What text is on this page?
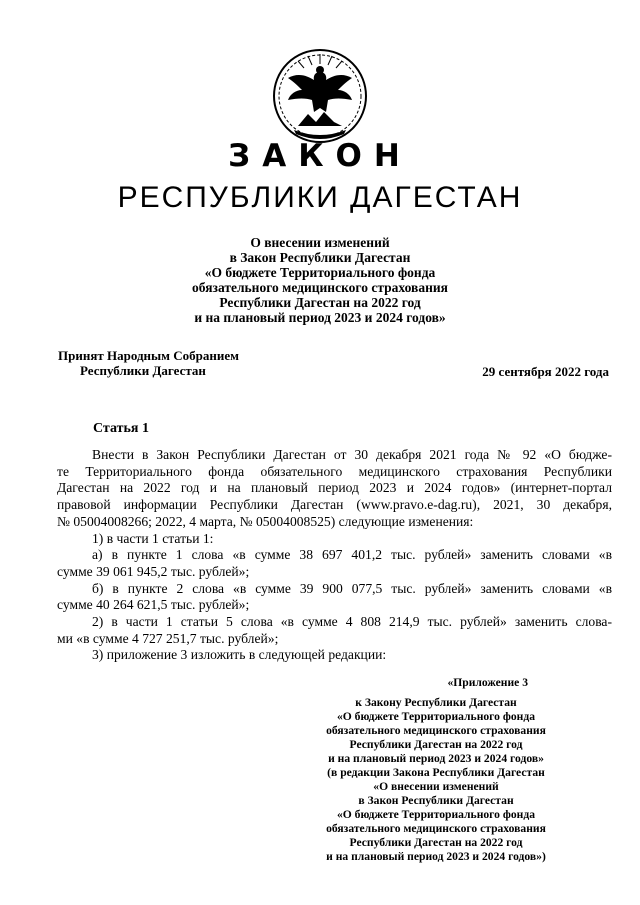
ЗАКОН
РЕСПУБЛИКИ ДАГЕСТАН
О внесении изменений
в Закон Республики Дагестан
«О бюджете Территориального фонда
обязательного медицинского страхования
Республики Дагестан на 2022 год
и на плановый период 2023 и 2024 годов»
Принят Народным Собранием
Республики Дагестан	29 сентября 2022 года
Статья 1
Внести в Закон Республики Дагестан от 30 декабря 2021 года № 92 «О бюдже-
те Территориального фонда обязательного медицинского страхования Республики
Дагестан на 2022 год и на плановый период 2023 и 2024 годов» (интернет-портал
правовой информации Республики Дагестан (www.pravo.e-dag.ru), 2021, 30 декабря,
№ 05004008266; 2022, 4 марта, № 05004008525) следующие изменения:
1) в части 1 статьи 1:
а) в пункте 1 слова «в сумме 38 697 401,2 тыс. рублей» заменить словами «в
сумме 39 061 945,2 тыс. рублей»;
б) в пункте 2 слова «в сумме 39 900 077,5 тыс. рублей» заменить словами «в
сумме 40 264 621,5 тыс. рублей»;
2) в части 1 статьи 5 слова «в сумме 4 808 214,9 тыс. рублей» заменить слова-
ми «в сумме 4 727 251,7 тыс. рублей»;
3) приложение 3 изложить в следующей редакции:
«Приложение 3
к Закону Республики Дагестан
«О бюджете Территориального фонда
обязательного медицинского страхования
Республики Дагестан на 2022 год
и на плановый период 2023 и 2024 годов»
(в редакции Закона Республики Дагестан
«О внесении изменений
в Закон Республики Дагестан
«О бюджете Территориального фонда
обязательного медицинского страхования
Республики Дагестан на 2022 год
и на плановый период 2023 и 2024 годов»)
